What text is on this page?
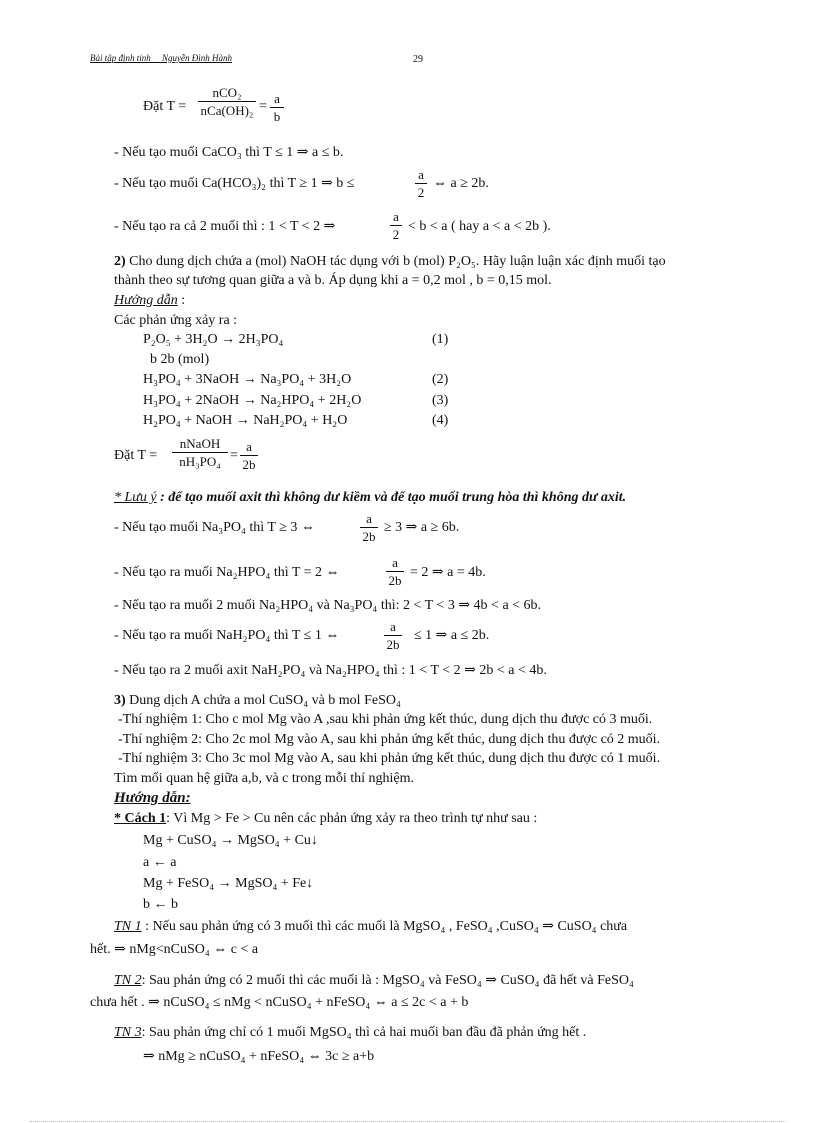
Bài tập định tính Nguyễn Đình Hành	29
Đặt T =
nCO₂
nCa(OH)₂ =
a
b
- Nếu tạo muối CaCO₃ thì T ≤ 1 ⇒ a ≤ b.
- Nếu tạo muối Ca(HCO₃)₂ thì T ≥ 1 ⇒ b ≤
a
2
⇔ a ≥ 2b.
- Nếu tạo ra cả 2 muối thì : 1 < T < 2 ⇒
a
2
< b < a ( hay a < a < 2b ).
2) Cho dung dịch chứa a (mol) NaOH tác dụng với b (mol) P₂O₅. Hãy luận luận xác định muối tạo
thành theo sự tương quan giữa a và b. Áp dụng khi a = 0,2 mol , b = 0,15 mol.
Hướng dẫn :
Các phản ứng xảy ra :
P₂O₅ + 3H₂O → 2H₃PO₄	(1)
b 2b (mol)
H₃PO₄ + 3NaOH → Na₃PO₄ + 3H₂O	(2)
H₃PO₄ + 2NaOH → Na₂HPO₄ + 2H₂O	(3)
H₂PO₄ + NaOH → NaH₂PO₄ + H₂O	(4)
Đặt T =
nNaOH
nH₃PO₄ =
a
2b
* Lưu ý : để tạo muối axit thì không dư kiềm và để tạo muối trung hòa thì không dư axit.
- Nếu tạo muối Na₃PO₄ thì T ≥ 3 ⇔
a
2b
≥ 3 ⇒ a ≥ 6b.
- Nếu tạo ra muối Na₂HPO₄ thì T = 2 ⇔
a
2b
= 2 ⇒ a = 4b.
- Nếu tạo ra muối 2 muối Na₂HPO₄ và Na₃PO₄ thì: 2 < T < 3 ⇒ 4b < a < 6b.
- Nếu tạo ra muối NaH₂PO₄ thì T ≤ 1 ⇔
a
2b
≤ 1 ⇒ a ≤ 2b.
- Nếu tạo ra 2 muối axit NaH₂PO₄ và Na₂HPO₄ thì : 1 < T < 2 ⇒ 2b < a < 4b.
3) Dung dịch A chứa a mol CuSO₄ và b mol FeSO₄
-Thí nghiệm 1: Cho c mol Mg vào A ,sau khi phản ứng kết thúc, dung dịch thu được có 3 muối.
-Thí nghiệm 2: Cho 2c mol Mg vào A, sau khi phản ứng kết thúc, dung dịch thu được có 2 muối.
-Thí nghiệm 3: Cho 3c mol Mg vào A, sau khi phản ứng kết thúc, dung dịch thu được có 1 muối.
Tìm mối quan hệ giữa a,b, và c trong mỗi thí nghiệm.
Hướng dẫn:
* Cách 1: Vì Mg > Fe > Cu nên các phản ứng xảy ra theo trình tự như sau :
Mg + CuSO₄ → MgSO₄ + Cu↓
a ← a
Mg + FeSO₄ → MgSO₄ + Fe↓
b ← b
TN 1 : Nếu sau phản ứng có 3 muối thì các muối là MgSO₄ , FeSO₄ ,CuSO₄ ⇒ CuSO₄ chưa
hết. ⇒ nMg<nCuSO₄ ⇔ c < a
TN 2: Sau phản ứng có 2 muối thì các muối là : MgSO₄ và FeSO₄ ⇒ CuSO₄ đã hết và FeSO₄
chưa hết . ⇒ nCuSO₄ ≤ nMg < nCuSO₄ + nFeSO₄ ⇔ a ≤ 2c < a + b
TN 3: Sau phản ứng chỉ có 1 muối MgSO₄ thì cả hai muối ban đầu đã phản ứng hết .
⇒ nMg ≥ nCuSO₄ + nFeSO₄ ⇔ 3c ≥ a+b
